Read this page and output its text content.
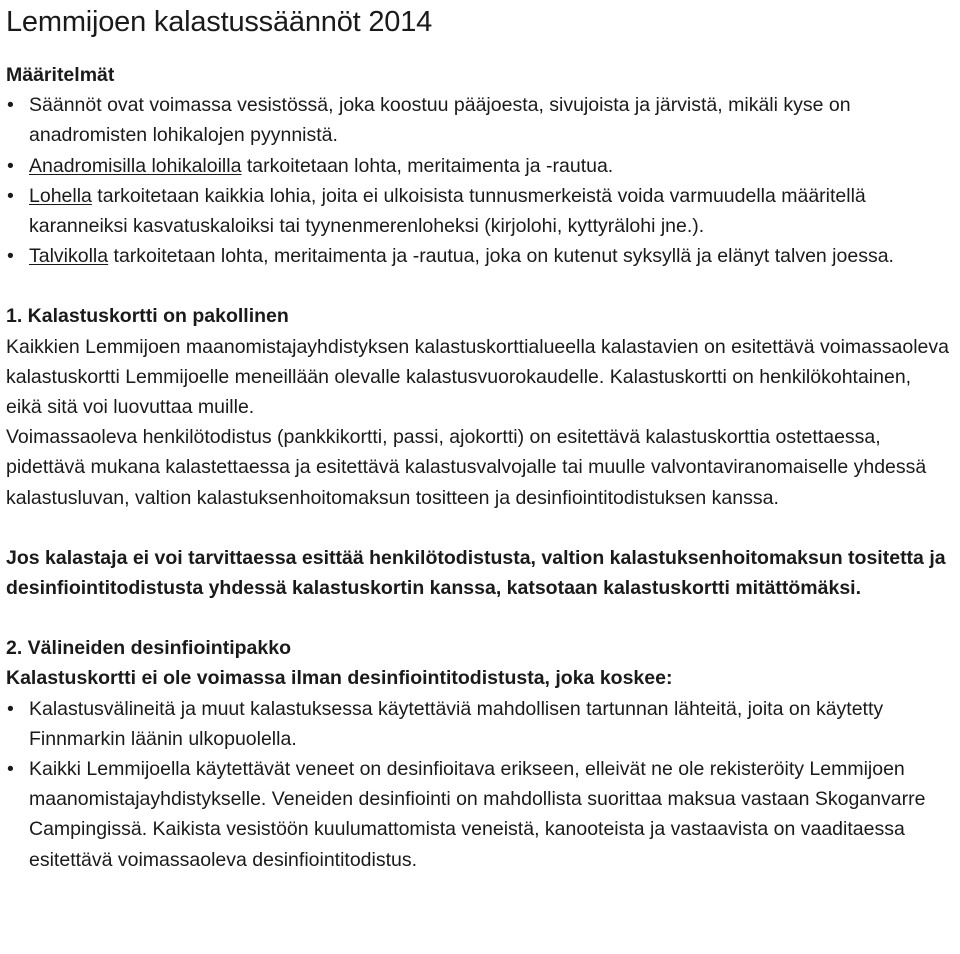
Lemmijoen kalastussäännöt 2014

Määritelmät

• Säännöt ovat voimassa vesistössä, joka koostuu pääjoesta, sivujoista ja järvistä, mikäli kyse on anadromisten lohikalojen pyynnistä.
• Anadromisilla lohikaloilla tarkoitetaan lohta, meritaimenta ja -rautua.
• Lohella tarkoitetaan kaikkia lohia, joita ei ulkoisista tunnusmerkeistä voida varmuudella määritellä karanneiksi kasvatuskaloiksi tai tyynenmerenloheksi (kirjolohi, kyttyrälohi jne.).
• Talvikolla tarkoitetaan lohta, meritaimenta ja -rautua, joka on kutenut syksyllä ja elänyt talven joessa.

1. Kalastuskortti on pakollinen

Kaikkien Lemmijoen maanomistajayhdistyksen kalastuskorttialueella kalastavien on esitettävä voimassaoleva kalastuskortti Lemmijoelle meneillään olevalle kalastusvuorokaudelle. Kalastuskortti on henkilökohtainen, eikä sitä voi luovuttaa muille.

Voimassaoleva henkilötodistus (pankkikortti, passi, ajokortti) on esitettävä kalastuskorttia ostettaessa, pidettävä mukana kalastettaessa ja esitettävä kalastusvalvojalle tai muulle valvontaviranomaiselle yhdessä kalastusluvan, valtion kalastuksenhoitomaksun tositteen ja desinfiointitodistuksen kanssa.

Jos kalastaja ei voi tarvittaessa esittää henkilötodistusta, valtion kalastuksenhoitomaksun tositetta ja desinfiointitodistusta yhdessä kalastuskortin kanssa, katsotaan kalastuskortti mitättömäksi.

2. Välineiden desinfiointipakko

Kalastuskortti ei ole voimassa ilman desinfiointitodistusta, joka koskee:

• Kalastusvälineitä ja muut kalastuksessa käytettäviä mahdollisen tartunnan lähteitä, joita on käytetty Finnmarkin läänin ulkopuolella.
• Kaikki Lemmijoella käytettävät veneet on desinfioitava erikseen, elleivät ne ole rekisteröity Lemmijoen maanomistajayhdistykselle. Veneiden desinfiointi on mahdollista suorittaa maksua vastaan Skoganvarre Campingissä. Kaikista vesistöön kuulumattomista veneistä, kanooteista ja vastaavista on vaaditaessa esitettävä voimassaoleva desinfiointitodistus.
